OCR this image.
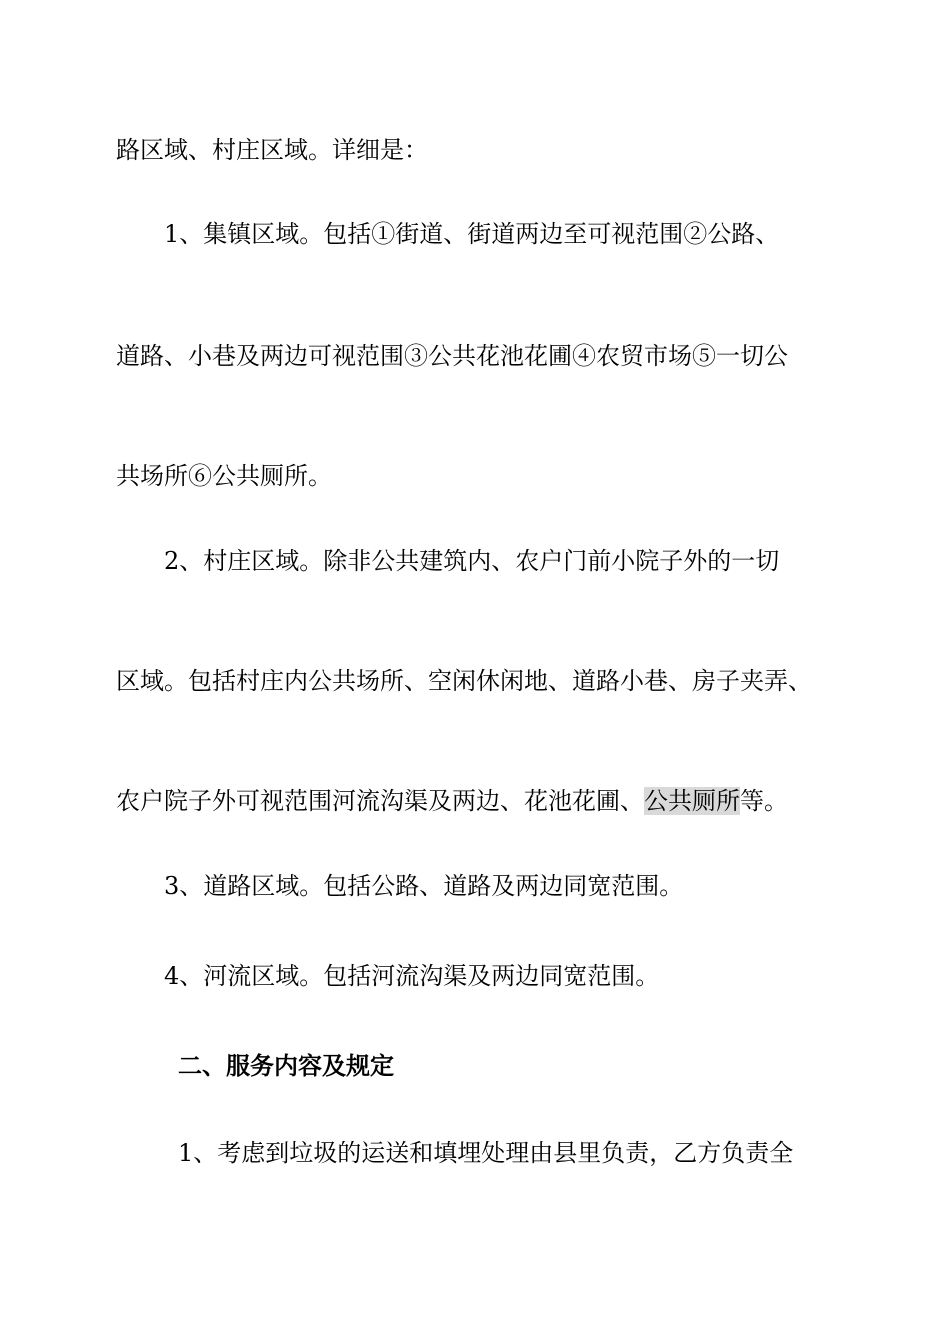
路区域、村庄区域。详细是：
1、集镇区域。包括①街道、街道两边至可视范围②公路、
道路、小巷及两边可视范围③公共花池花圃④农贸市场⑤一切公
共场所⑥公共厕所。
2、村庄区域。除非公共建筑内、农户门前小院子外的一切
区域。包括村庄内公共场所、空闲休闲地、道路小巷、房子夹弄、
农户院子外可视范围河流沟渠及两边、花池花圃、公共厕所等。
3、道路区域。包括公路、道路及两边同宽范围。
4、河流区域。包括河流沟渠及两边同宽范围。
二、服务内容及规定
1、考虑到垃圾的运送和填埋处理由县里负责，乙方负责全
